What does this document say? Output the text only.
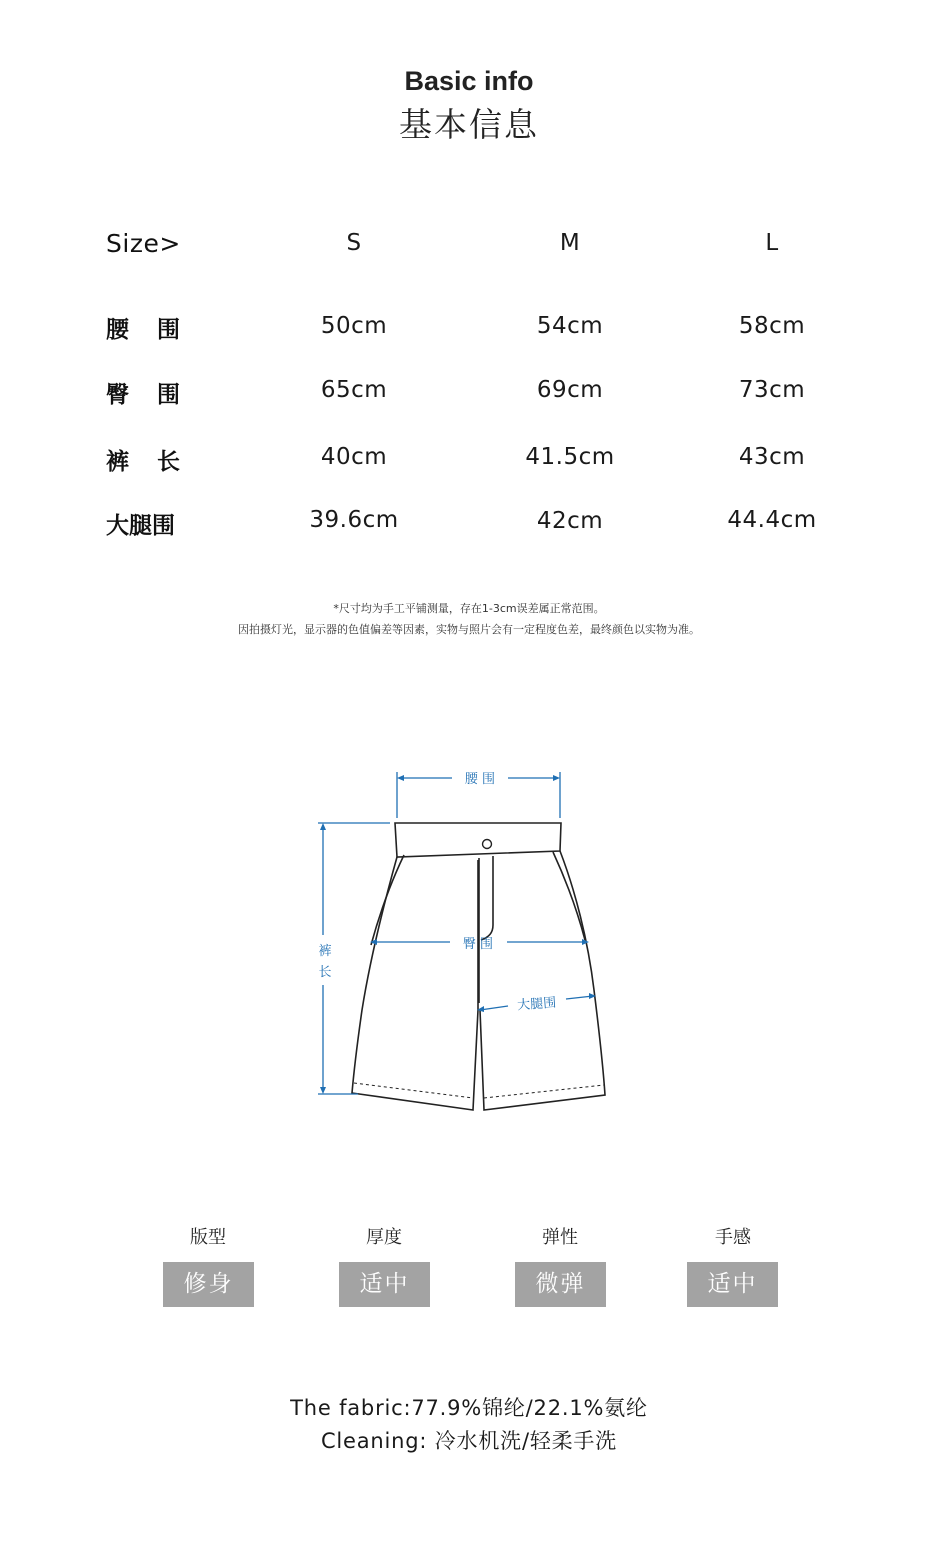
Basic info
基本信息
Size>	S	M	L
腰 围	50cm	54cm	58cm
臀 围	65cm	69cm	73cm
裤 长	40cm	41.5cm	43cm
大腿围	39.6cm	42cm	44.4cm
*尺寸均为手工平铺测量，存在1-3cm误差属正常范围。
因拍摄灯光，显示器的色值偏差等因素，实物与照片会有一定程度色差，最终颜色以实物为准。
腰 围
臀 围
裤
长
大腿围
版型	厚度	弹性	手感
修身	适中	微弹	适中
The fabric:77.9%锦纶/22.1%氨纶
Cleaning: 冷水机洗/轻柔手洗
